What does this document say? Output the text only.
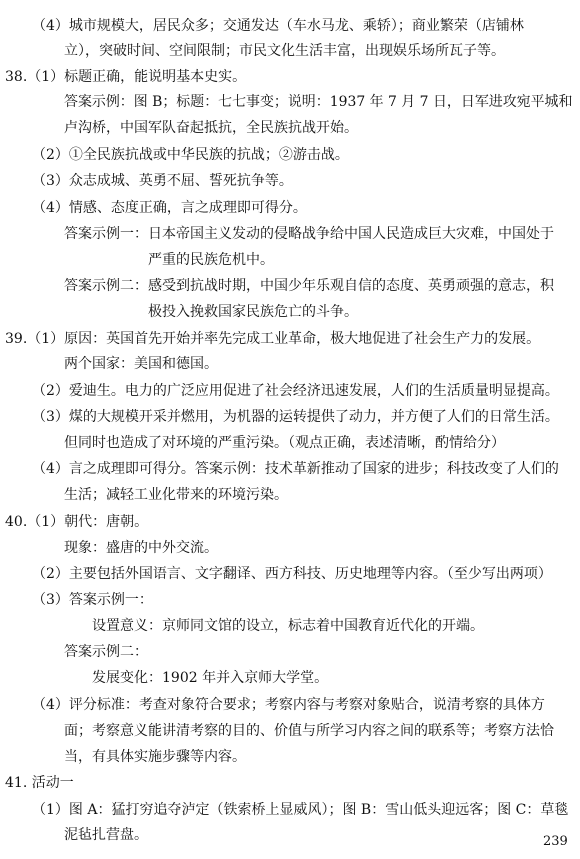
（4）城市规模大，居民众多；交通发达（车水马龙、乘轿）；商业繁荣（店铺林
立），突破时间、空间限制；市民文化生活丰富，出现娱乐场所瓦子等。
38.（1）标题正确，能说明基本史实。
答案示例：图 B；标题：七七事变；说明：1937 年 7 月 7 日，日军进攻宛平城和
卢沟桥，中国军队奋起抵抗，全民族抗战开始。
（2）①全民族抗战或中华民族的抗战；②游击战。
（3）众志成城、英勇不屈、誓死抗争等。
（4）情感、态度正确，言之成理即可得分。
答案示例一：日本帝国主义发动的侵略战争给中国人民造成巨大灾难，中国处于
严重的民族危机中。
答案示例二：感受到抗战时期，中国少年乐观自信的态度、英勇顽强的意志，积
极投入挽救国家民族危亡的斗争。
39.（1）原因：英国首先开始并率先完成工业革命，极大地促进了社会生产力的发展。
两个国家：美国和德国。
（2）爱迪生。电力的广泛应用促进了社会经济迅速发展，人们的生活质量明显提高。
（3）煤的大规模开采并燃用，为机器的运转提供了动力，并方便了人们的日常生活。
但同时也造成了对环境的严重污染。（观点正确，表述清晰，酌情给分）
（4）言之成理即可得分。答案示例：技术革新推动了国家的进步；科技改变了人们的
生活；减轻工业化带来的环境污染。
40.（1）朝代：唐朝。
现象：盛唐的中外交流。
（2）主要包括外国语言、文字翻译、西方科技、历史地理等内容。（至少写出两项）
（3）答案示例一：
设置意义：京师同文馆的设立，标志着中国教育近代化的开端。
答案示例二：
发展变化：1902 年并入京师大学堂。
（4）评分标准：考查对象符合要求；考察内容与考察对象贴合，说清考察的具体方
面；考察意义能讲清考察的目的、价值与所学习内容之间的联系等；考察方法恰
当，有具体实施步骤等内容。
41. 活动一
（1）图 A：猛打穷追夺泸定（铁索桥上显威风）；图 B：雪山低头迎远客；图 C：草毯
泥毡扎营盘。	239
